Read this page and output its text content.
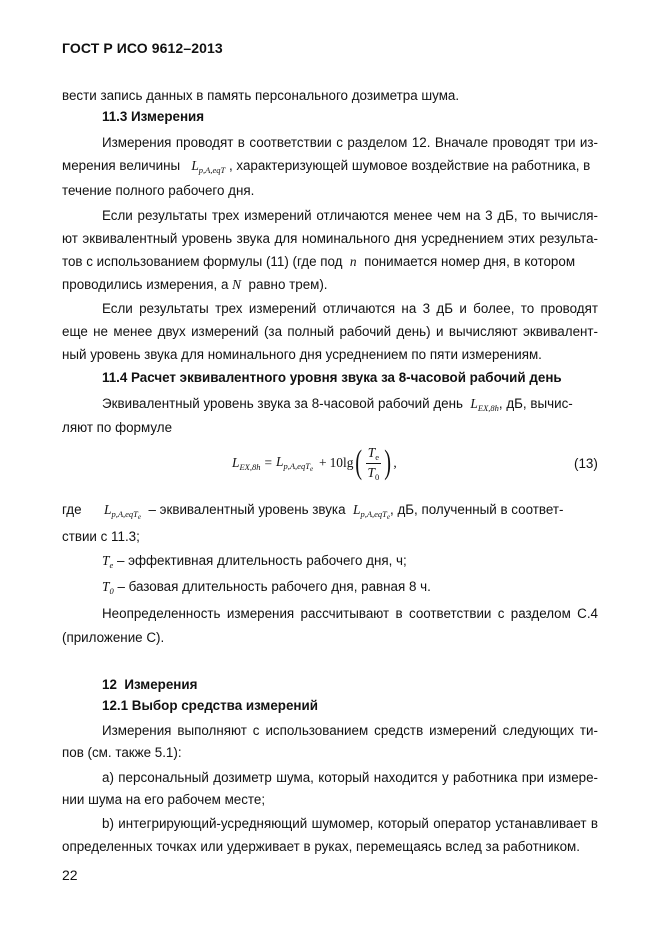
ГОСТ Р ИСО 9612–2013
вести запись данных в память персонального дозиметра шума.
11.3 Измерения
Измерения проводят в соответствии с разделом 12. Вначале проводят три из-
мерения величины $L_{p,A,eqT}$ , характеризующей шумовое воздействие на работника, в
течение полного рабочего дня.
Если результаты трех измерений отличаются менее чем на 3 дБ, то вычисля-
ют эквивалентный уровень звука для номинального дня усреднением этих результа-
тов с использованием формулы (11) (где под n понимается номер дня, в котором
проводились измерения, а N равно трем).
Если результаты трех измерений отличаются на 3 дБ и более, то проводят
еще не менее двух измерений (за полный рабочий день) и вычисляют эквивалент-
ный уровень звука для номинального дня усреднением по пяти измерениям.
11.4 Расчет эквивалентного уровня звука за 8-часовой рабочий день
Эквивалентный уровень звука за 8-часовой рабочий день $L_{EX,8h}$, дБ, вычис-
ляют по формуле
$L_{EX,8h} = L_{p,A,eqT_e} + 10\lg$ ( $\frac{T_e}{T_0}$ ) ,	(13)
где $L_{p,A,eqT_e}$ – эквивалентный уровень звука $L_{p,A,eqT_e}$, дБ, полученный в соответ-
ствии с 11.3;
$T_e$ – эффективная длительность рабочего дня, ч;
$T_0$ – базовая длительность рабочего дня, равная 8 ч.
Неопределенность измерения рассчитывают в соответствии с разделом С.4
(приложение С).
12 Измерения
12.1 Выбор средства измерений
Измерения выполняют с использованием средств измерений следующих ти-
пов (см. также 5.1):
а) персональный дозиметр шума, который находится у работника при измере-
нии шума на его рабочем месте;
b) интегрирующий-усредняющий шумомер, который оператор устанавливает в
определенных точках или удерживает в руках, перемещаясь вслед за работником.
22
